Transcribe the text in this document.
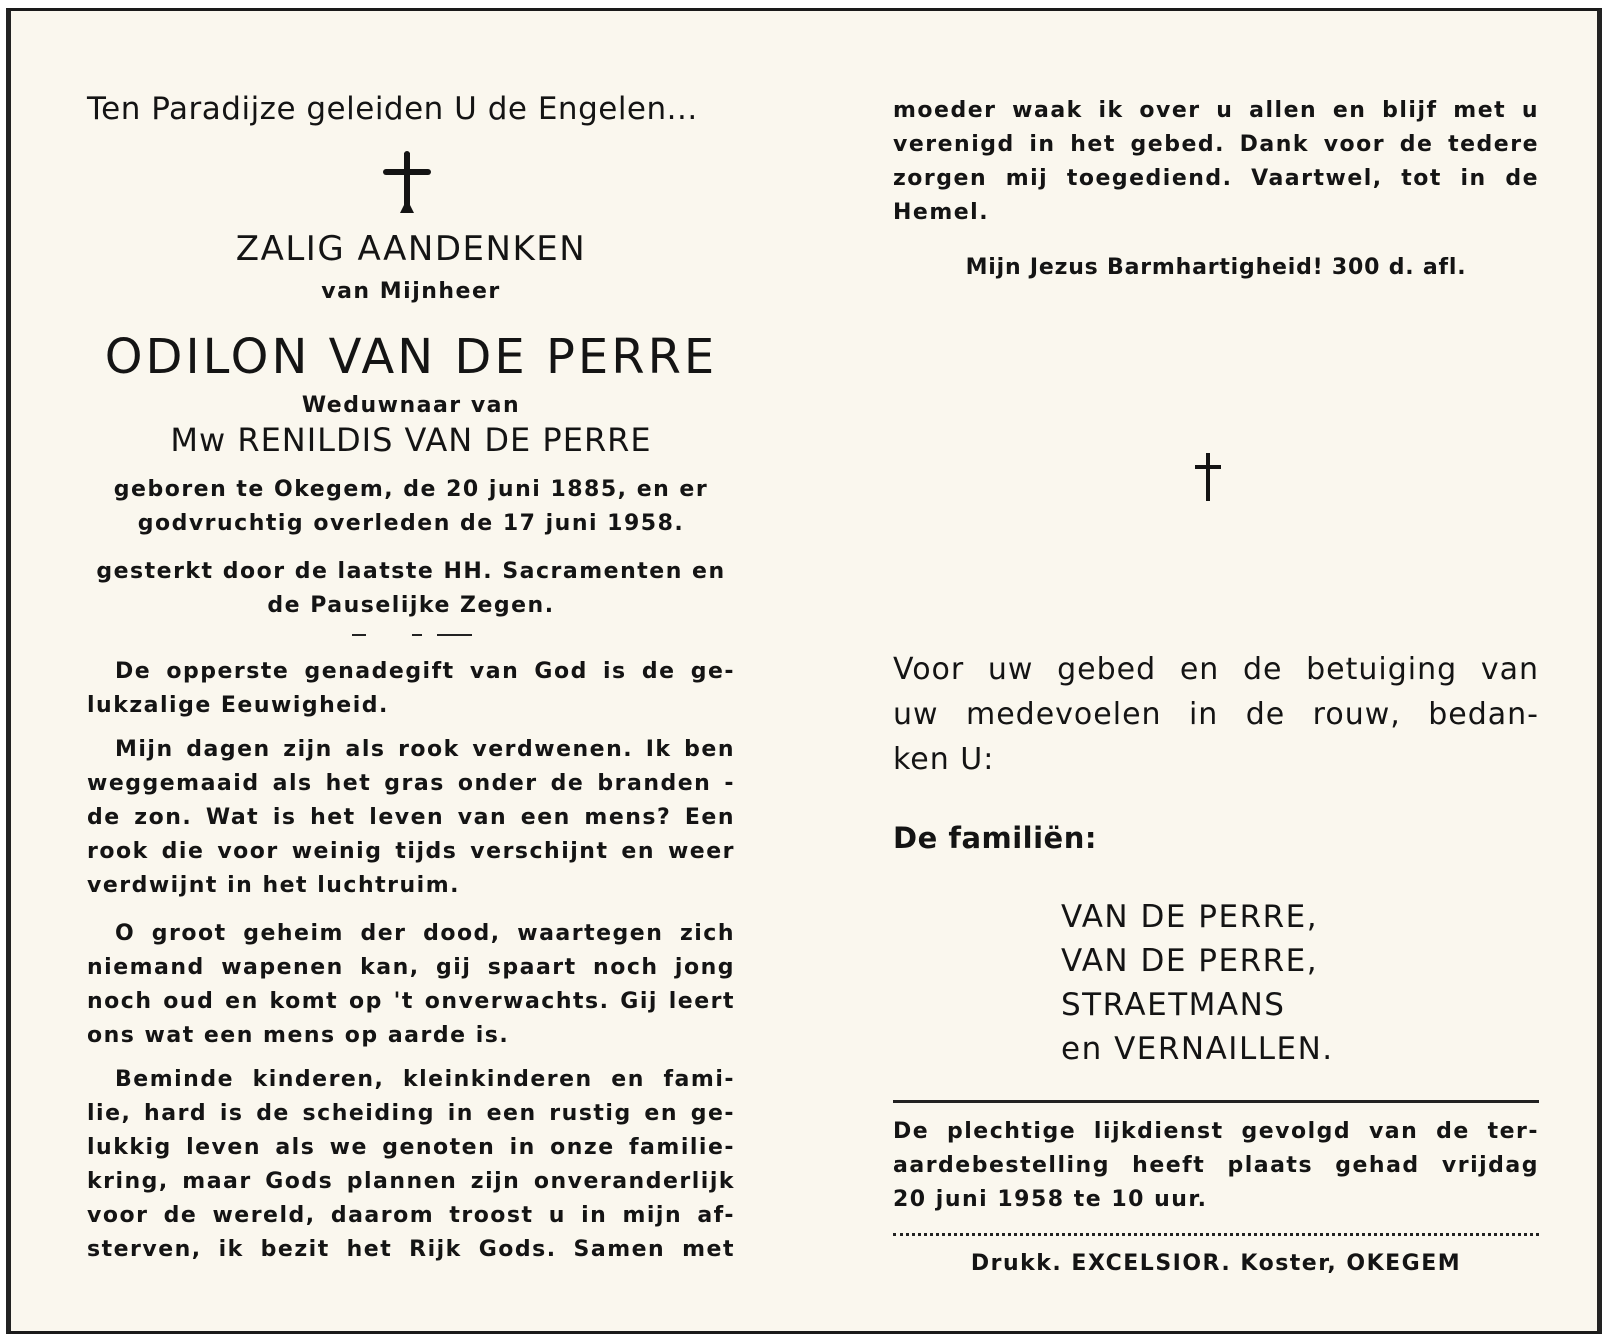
Ten Paradijze geleiden U de Engelen...
ZALIG AANDENKEN
van Mijnheer
ODILON VAN DE PERRE
Weduwnaar van
Mw RENILDIS VAN DE PERRE
geboren te Okegem, de 20 juni 1885, en er
godvruchtig overleden de 17 juni 1958.
gesterkt door de laatste HH. Sacramenten en
de Pauselijke Zegen.
De opperste genadegift van God is de ge-
lukzalige Eeuwigheid.
Mijn dagen zijn als rook verdwenen. Ik ben
weggemaaid als het gras onder de branden -
de zon. Wat is het leven van een mens? Een
rook die voor weinig tijds verschijnt en weer
verdwijnt in het luchtruim.
O groot geheim der dood, waartegen zich
niemand wapenen kan, gij spaart noch jong
noch oud en komt op 't onverwachts. Gij leert
ons wat een mens op aarde is.
Beminde kinderen, kleinkinderen en fami-
lie, hard is de scheiding in een rustig en ge-
lukkig leven als we genoten in onze familie-
kring, maar Gods plannen zijn onveranderlijk
voor de wereld, daarom troost u in mijn af-
sterven, ik bezit het Rijk Gods. Samen met
moeder waak ik over u allen en blijf met u
verenigd in het gebed. Dank voor de tedere
zorgen mij toegediend. Vaartwel, tot in de
Hemel.
Mijn Jezus Barmhartigheid! 300 d. afl.
Voor uw gebed en de betuiging van
uw medevoelen in de rouw, bedan-
ken U:
De familiën:
VAN DE PERRE,
VAN DE PERRE,
STRAETMANS
en VERNAILLEN.
De plechtige lijkdienst gevolgd van de ter-
aardebestelling heeft plaats gehad vrijdag
20 juni 1958 te 10 uur.
Drukk. EXCELSIOR. Koster, OKEGEM
